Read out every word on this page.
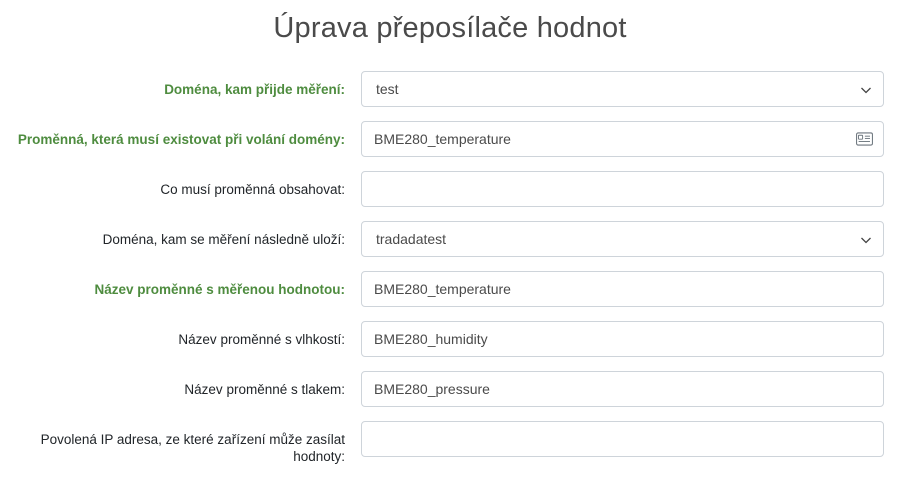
Úprava přeposílače hodnot
Doména, kam přijde měření:
test
Proměnná, která musí existovat při volání domény:
BME280_temperature
Co musí proměnná obsahovat:
Doména, kam se měření následně uloží:
tradadatest
Název proměnné s měřenou hodnotou:
BME280_temperature
Název proměnné s vlhkostí:
BME280_humidity
Název proměnné s tlakem:
BME280_pressure
Povolená IP adresa, ze které zařízení může zasílat hodnoty:
